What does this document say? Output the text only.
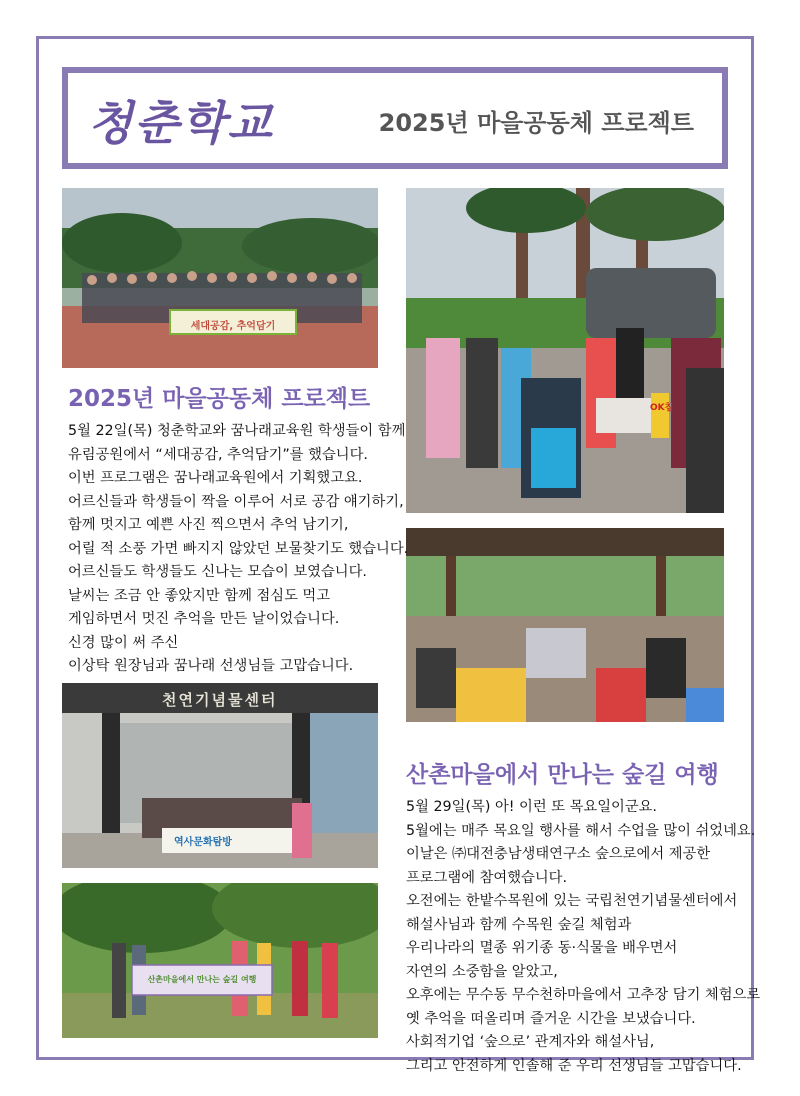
청춘학교	2025년 마을공동체 프로젝트
세대공감, 추억담기
OK칩
2025년 마을공동체 프로젝트
5월 22일(목) 청춘학교와 꿈나래교육원 학생들이 함께
유림공원에서 “세대공감, 추억담기”를 했습니다.
이번 프로그램은 꿈나래교육원에서 기획했고요.
어르신들과 학생들이 짝을 이루어 서로 공감 얘기하기,
함께 멋지고 예쁜 사진 찍으면서 추억 남기기,
어릴 적 소풍 가면 빠지지 않았던 보물찾기도 했습니다.
어르신들도 학생들도 신나는 모습이 보였습니다.
날씨는 조금 안 좋았지만 함께 점심도 먹고
게임하면서 멋진 추억을 만든 날이었습니다.
신경 많이 써 주신
이상탁 원장님과 꿈나래 선생님들 고맙습니다.
천연기념물센터
역사문화탐방
산촌마을에서 만나는 숲길 여행
산촌마을에서 만나는 숲길 여행
5월 29일(목) 아! 이런 또 목요일이군요.
5월에는 매주 목요일 행사를 해서 수업을 많이 쉬었네요.
이날은 ㈜대전충남생태연구소 숲으로에서 제공한
프로그램에 참여했습니다.
오전에는 한밭수목원에 있는 국립천연기념물센터에서
해설사님과 함께 수목원 숲길 체험과
우리나라의 멸종 위기종 동·식물을 배우면서
자연의 소중함을 알았고,
오후에는 무수동 무수천하마을에서 고추장 담기 체험으로
옛 추억을 떠올리며 즐거운 시간을 보냈습니다.
사회적기업 ‘숲으로’ 관계자와 해설사님,
그리고 안전하게 인솔해 준 우리 선생님들 고맙습니다.
